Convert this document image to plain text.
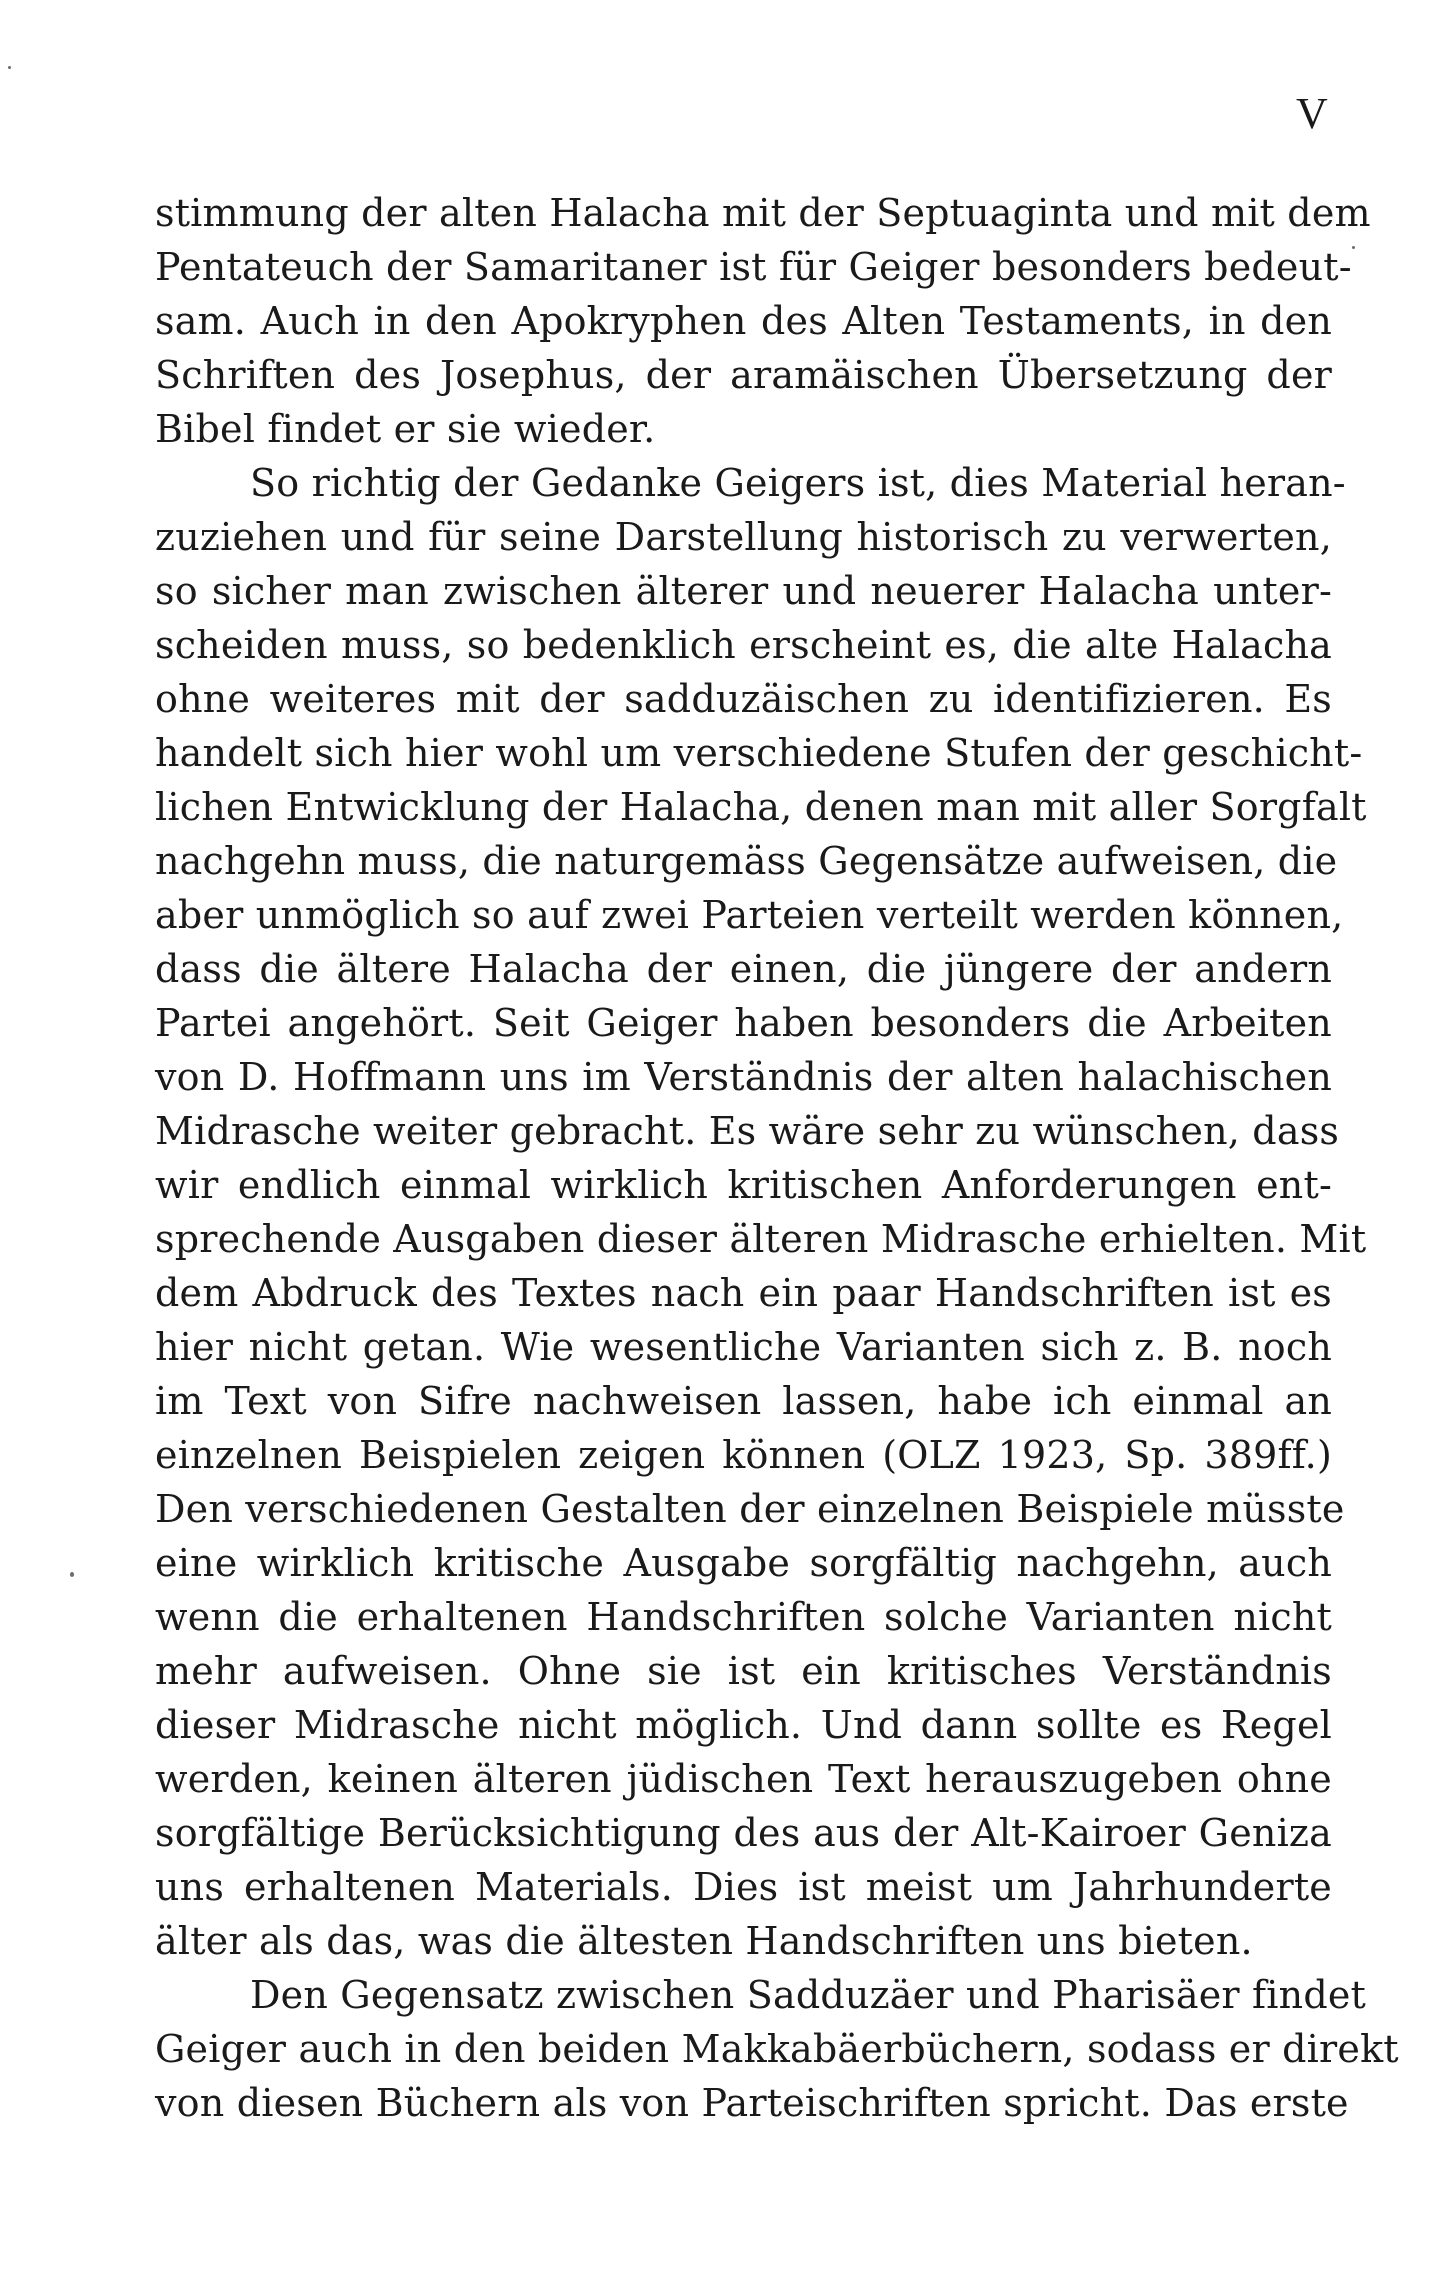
V
stimmung der alten Halacha mit der Septuaginta und mit dem
Pentateuch der Samaritaner ist für Geiger besonders bedeut-
sam. Auch in den Apokryphen des Alten Testaments, in den
Schriften des Josephus, der aramäischen Übersetzung der
Bibel findet er sie wieder.
So richtig der Gedanke Geigers ist, dies Material heran-
zuziehen und für seine Darstellung historisch zu verwerten,
so sicher man zwischen älterer und neuerer Halacha unter-
scheiden muss, so bedenklich erscheint es, die alte Halacha
ohne weiteres mit der sadduzäischen zu identifizieren. Es
handelt sich hier wohl um verschiedene Stufen der geschicht-
lichen Entwicklung der Halacha, denen man mit aller Sorgfalt
nachgehn muss, die naturgemäss Gegensätze aufweisen, die
aber unmöglich so auf zwei Parteien verteilt werden können,
dass die ältere Halacha der einen, die jüngere der andern
Partei angehört. Seit Geiger haben besonders die Arbeiten
von D. Hoffmann uns im Verständnis der alten halachischen
Midrasche weiter gebracht. Es wäre sehr zu wünschen, dass
wir endlich einmal wirklich kritischen Anforderungen ent-
sprechende Ausgaben dieser älteren Midrasche erhielten. Mit
dem Abdruck des Textes nach ein paar Handschriften ist es
hier nicht getan. Wie wesentliche Varianten sich z. B. noch
im Text von Sifre nachweisen lassen, habe ich einmal an
einzelnen Beispielen zeigen können (OLZ 1923, Sp. 389ff.)
Den verschiedenen Gestalten der einzelnen Beispiele müsste
eine wirklich kritische Ausgabe sorgfältig nachgehn, auch
wenn die erhaltenen Handschriften solche Varianten nicht
mehr aufweisen. Ohne sie ist ein kritisches Verständnis
dieser Midrasche nicht möglich. Und dann sollte es Regel
werden, keinen älteren jüdischen Text herauszugeben ohne
sorgfältige Berücksichtigung des aus der Alt-Kairoer Geniza
uns erhaltenen Materials. Dies ist meist um Jahrhunderte
älter als das, was die ältesten Handschriften uns bieten.
Den Gegensatz zwischen Sadduzäer und Pharisäer findet
Geiger auch in den beiden Makkabäerbüchern, sodass er direkt
von diesen Büchern als von Parteischriften spricht. Das erste
